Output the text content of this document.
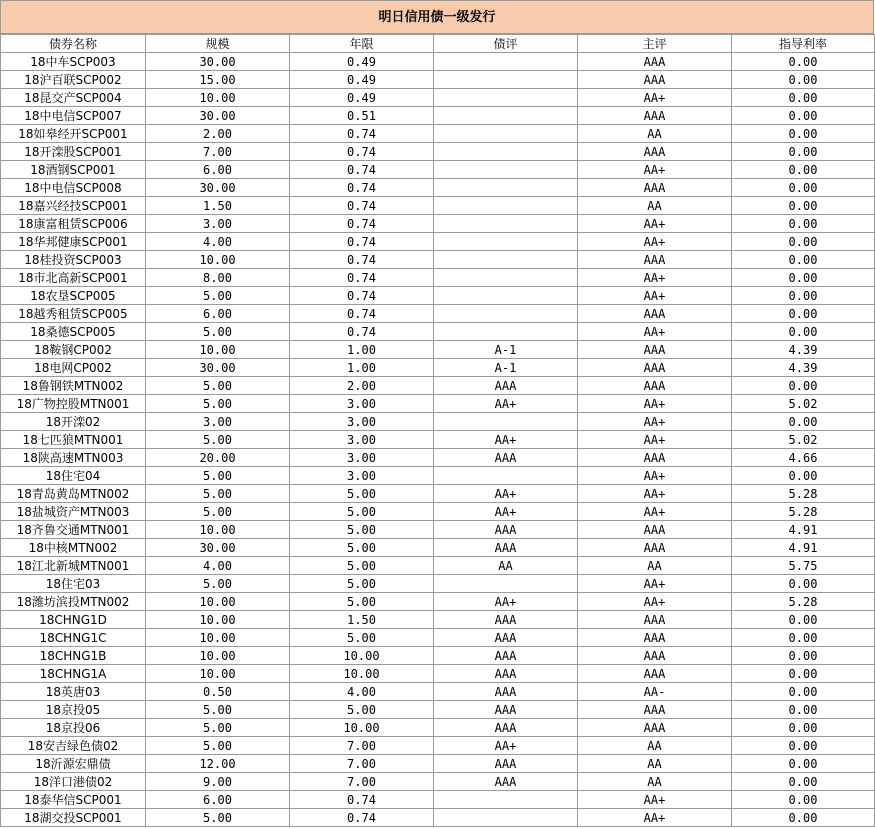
明日信用债一级发行
债券名称	规模	年限	债评	主评	指导利率
18中车SCP003	30.00	0.49		AAA	0.00
18沪百联SCP002	15.00	0.49		AAA	0.00
18昆交产SCP004	10.00	0.49		AA+	0.00
18中电信SCP007	30.00	0.51		AAA	0.00
18如皋经开SCP001	2.00	0.74		AA	0.00
18开滦股SCP001	7.00	0.74		AAA	0.00
18酒钢SCP001	6.00	0.74		AA+	0.00
18中电信SCP008	30.00	0.74		AAA	0.00
18嘉兴经技SCP001	1.50	0.74		AA	0.00
18康富租赁SCP006	3.00	0.74		AA+	0.00
18华邦健康SCP001	4.00	0.74		AA+	0.00
18桂投资SCP003	10.00	0.74		AAA	0.00
18市北高新SCP001	8.00	0.74		AA+	0.00
18农垦SCP005	5.00	0.74		AA+	0.00
18越秀租赁SCP005	6.00	0.74		AAA	0.00
18桑德SCP005	5.00	0.74		AA+	0.00
18鞍钢CP002	10.00	1.00	A-1	AAA	4.39
18电网CP002	30.00	1.00	A-1	AAA	4.39
18鲁钢铁MTN002	5.00	2.00	AAA	AAA	0.00
18广物控股MTN001	5.00	3.00	AA+	AA+	5.02
18开滦02	3.00	3.00		AA+	0.00
18七匹狼MTN001	5.00	3.00	AA+	AA+	5.02
18陕高速MTN003	20.00	3.00	AAA	AAA	4.66
18住宅04	5.00	3.00		AA+	0.00
18青岛黄岛MTN002	5.00	5.00	AA+	AA+	5.28
18盐城资产MTN003	5.00	5.00	AA+	AA+	5.28
18齐鲁交通MTN001	10.00	5.00	AAA	AAA	4.91
18中核MTN002	30.00	5.00	AAA	AAA	4.91
18江北新城MTN001	4.00	5.00	AA	AA	5.75
18住宅03	5.00	5.00		AA+	0.00
18潍坊滨投MTN002	10.00	5.00	AA+	AA+	5.28
18CHNG1D	10.00	1.50	AAA	AAA	0.00
18CHNG1C	10.00	5.00	AAA	AAA	0.00
18CHNG1B	10.00	10.00	AAA	AAA	0.00
18CHNG1A	10.00	10.00	AAA	AAA	0.00
18英唐03	0.50	4.00	AAA	AA-	0.00
18京投05	5.00	5.00	AAA	AAA	0.00
18京投06	5.00	10.00	AAA	AAA	0.00
18安吉绿色债02	5.00	7.00	AA+	AA	0.00
18沂源宏鼎债	12.00	7.00	AAA	AA	0.00
18洋口港债02	9.00	7.00	AAA	AA	0.00
18泰华信SCP001	6.00	0.74		AA+	0.00
18湖交投SCP001	5.00	0.74		AA+	0.00
